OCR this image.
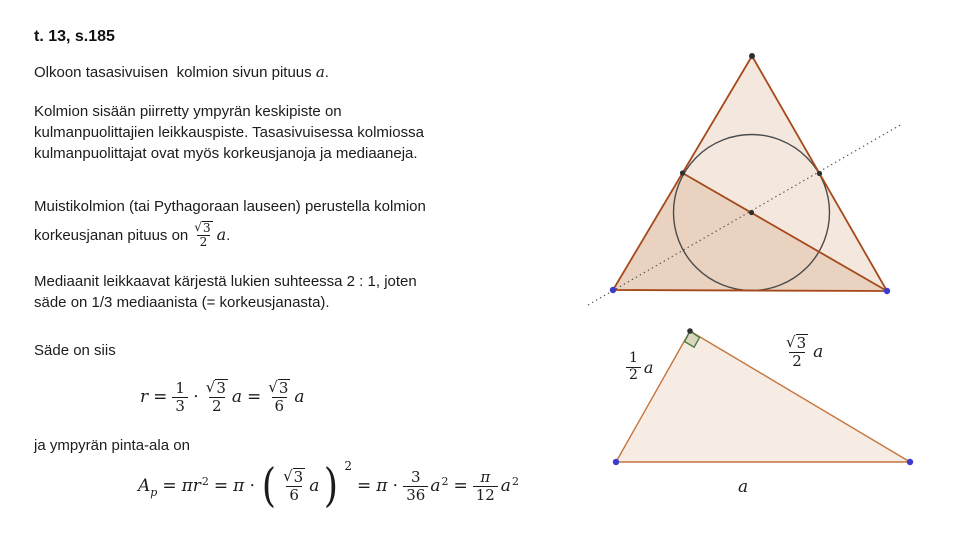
t. 13, s.185
Olkoon tasasivuisen  kolmion sivun pituus a.
Kolmion sisään piirretty ympyrän keskipiste on
kulmanpuolittajien leikkauspiste. Tasasivuisessa kolmiossa
kulmanpuolittajat ovat myös korkeusjanoja ja mediaaneja.
Muistikolmion (tai Pythagoraan lauseen) perustella kolmion
korkeusjanan pituus on $\frac{√ 3}{2} a$.
Mediaanit leikkaavat kärjestä lukien suhteessa 2 : 1, joten
säde on 1/3 mediaanista (= korkeusjanasta).
Säde on siis
$r = \frac{1}{3} \cdot \frac{√ 3}{2}$ $a = \frac{√ 3}{6}$ a
ja ympyrän pinta-ala on
$A_p = \pi r^2 = \pi$ ⋅ ( $\frac{√ 3}{6}$ a ) 2
= $\pi \cdot \frac{3}{36} a^2 = \frac{\pi}{12} a^2$
$\frac{1}{2}$ a	$\frac{√ 3}{2}$ a
a
